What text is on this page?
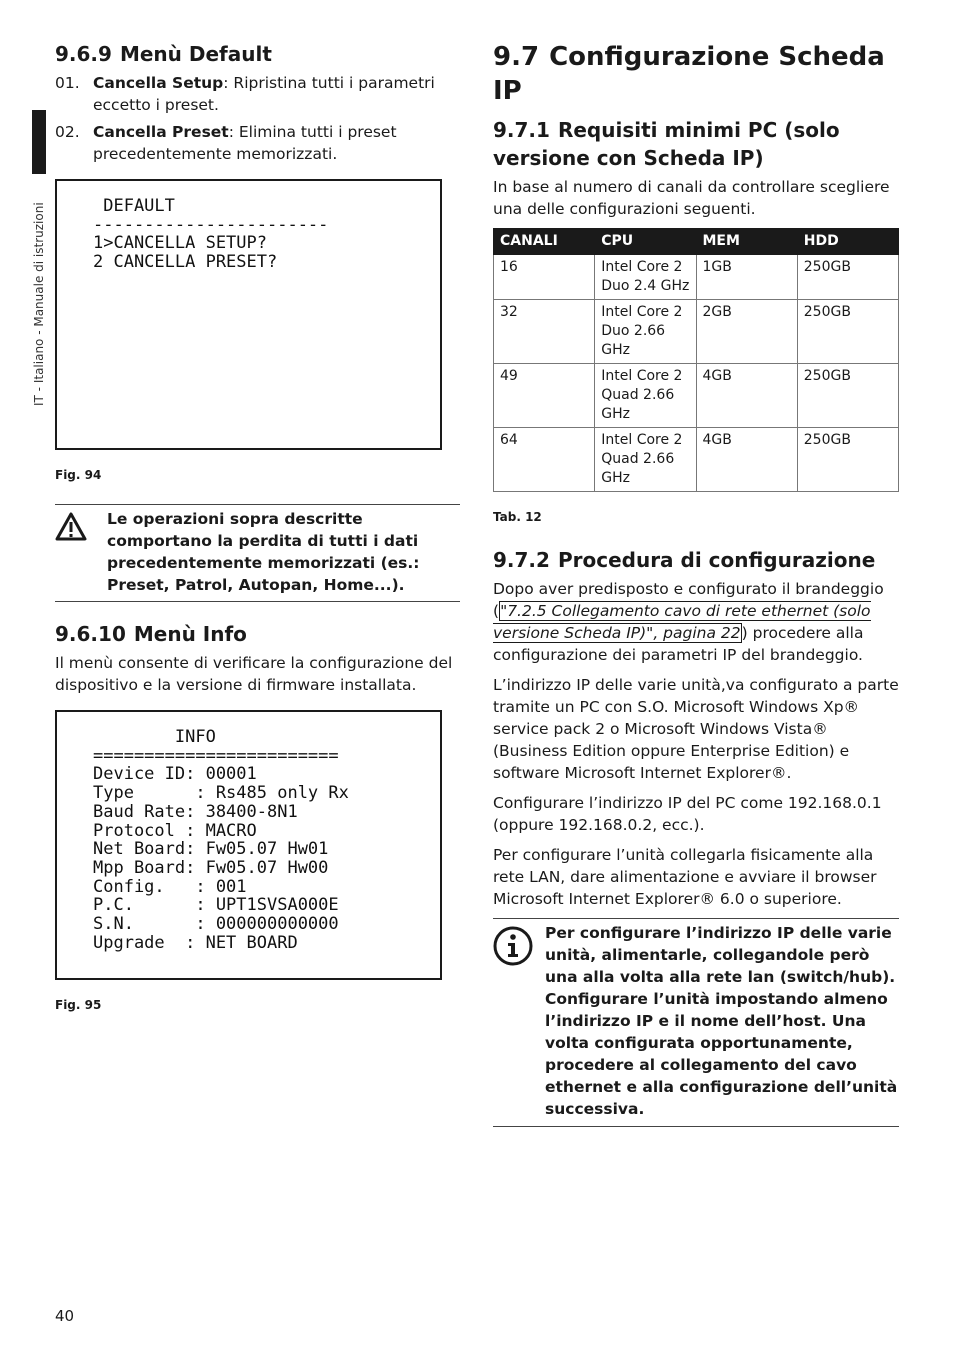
IT - Italiano - Manuale di istruzioni
9.6.9 Menù Default
01. Cancella Setup: Ripristina tutti i parametri eccetto i preset.
02. Cancella Preset: Elimina tutti i preset precedentemente memorizzati.
DEFAULT
-----------------------
1>CANCELLA SETUP?
2 CANCELLA PRESET?
Fig. 94
Le operazioni sopra descritte comportano la perdita di tutti i dati precedentemente memorizzati (es.: Preset, Patrol, Autopan, Home...).
9.6.10 Menù Info

Il menù consente di verificare la configurazione del dispositivo e la versione di firmware installata.

INFO
========================
Device ID: 00001
Type      : Rs485 only Rx
Baud Rate: 38400-8N1
Protocol : MACRO
Net Board: Fw05.07 Hw01
Mpp Board: Fw05.07 Hw00
Config.   : 001
P.C.      : UPT1SVSA000E
S.N.      : 000000000000
Upgrade  : NET BOARD
Fig. 95
9.7 Configurazione Scheda IP
9.7.1 Requisiti minimi PC (solo versione con Scheda IP)

In base al numero di canali da controllare scegliere una delle configurazioni seguenti.

CANALI	CPU	MEM	HDD
16	Intel Core 2 Duo 2.4 GHz	1GB	250GB
32	Intel Core 2 Duo 2.66 GHz	2GB	250GB
49	Intel Core 2 Quad 2.66 GHz	4GB	250GB
64	Intel Core 2 Quad 2.66 GHz	4GB	250GB
Tab. 12
9.7.2 Procedura di configurazione

Dopo aver predisposto e configurato il brandeggio ("7.2.5 Collegamento cavo di rete ethernet (solo versione Scheda IP)", pagina 22) procedere alla configurazione dei parametri IP del brandeggio.

L’indirizzo IP delle varie unità,va configurato a parte tramite un PC con S.O. Microsoft Windows Xp® service pack 2 o Microsoft Windows Vista® (Business Edition oppure Enterprise Edition) e software Microsoft Internet Explorer®.

Configurare l’indirizzo IP del PC come 192.168.0.1 (oppure 192.168.0.2, ecc.).

Per configurare l’unità collegarla fisicamente alla rete LAN, dare alimentazione e avviare il browser Microsoft Internet Explorer® 6.0 o superiore.

Per configurare l’indirizzo IP delle varie unità, alimentarle, collegandole però una alla volta alla rete lan (switch/hub). Configurare l’unità impostando almeno l’indirizzo IP e il nome dell’host. Una volta configurata opportunamente, procedere al collegamento del cavo ethernet e alla configurazione dell’unità successiva.
40
